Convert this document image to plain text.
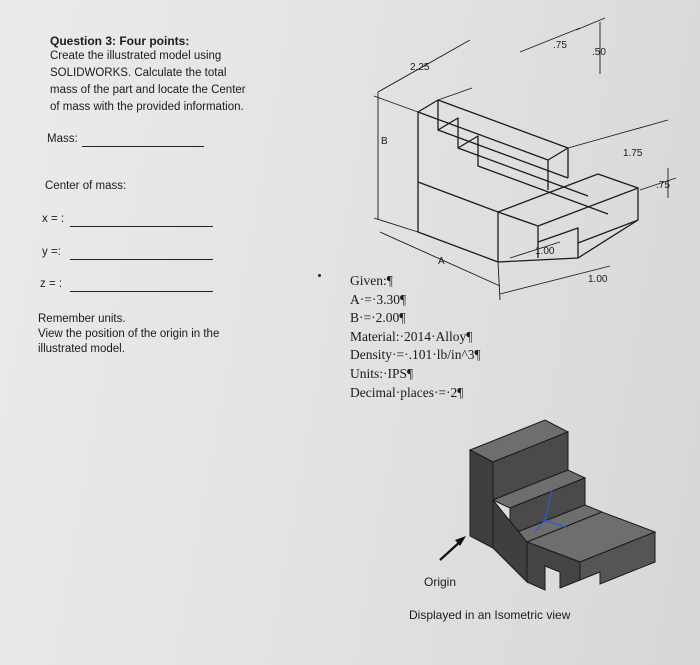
Question 3: Four points:
Create the illustrated model using
SOLIDWORKS. Calculate the total
mass of the part and locate the Center
of mass with the provided information.
Mass:
Center of mass:
x = :
y =:
z = :
Remember units.
View the position of the origin in the
illustrated model.
Given:¶
A·=·3.30¶
B·=·2.00¶
Material:·2014·Alloy¶
Density·=·.101·lb/in^3¶
Units:·IPS¶
Decimal·places·=·2¶
.75
.50
2.25
B
1.75
.75
1.00
A
1.00
Origin
Displayed in an Isometric view
